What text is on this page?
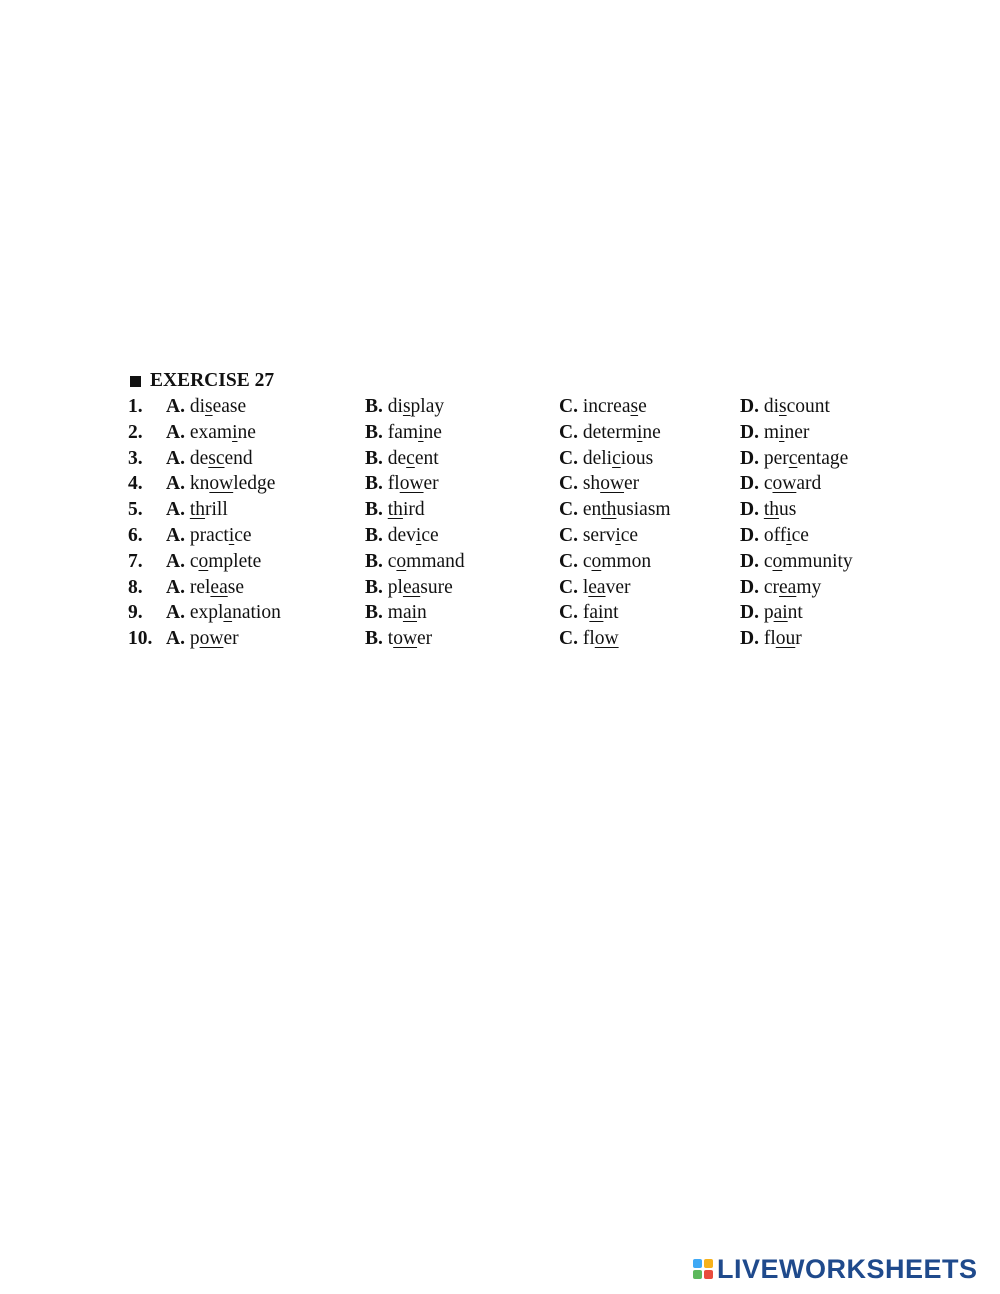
EXERCISE 27
1. A. disease	B. display	C. increase	D. discount
2. A. examine	B. famine	C. determine	D. miner
3. A. descend	B. decent	C. delicious	D. percentage
4. A. knowledge	B. flower	C. shower	D. coward
5. A. thrill	B. third	C. enthusiasm	D. thus
6. A. practice	B. device	C. service	D. office
7. A. complete	B. command	C. common	D. community
8. A. release	B. pleasure	C. leaver	D. creamy
9. A. explanation	B. main	C. faint	D. paint
10. A. power	B. tower	C. flow	D. flour
LIVEWORKSHEETS
